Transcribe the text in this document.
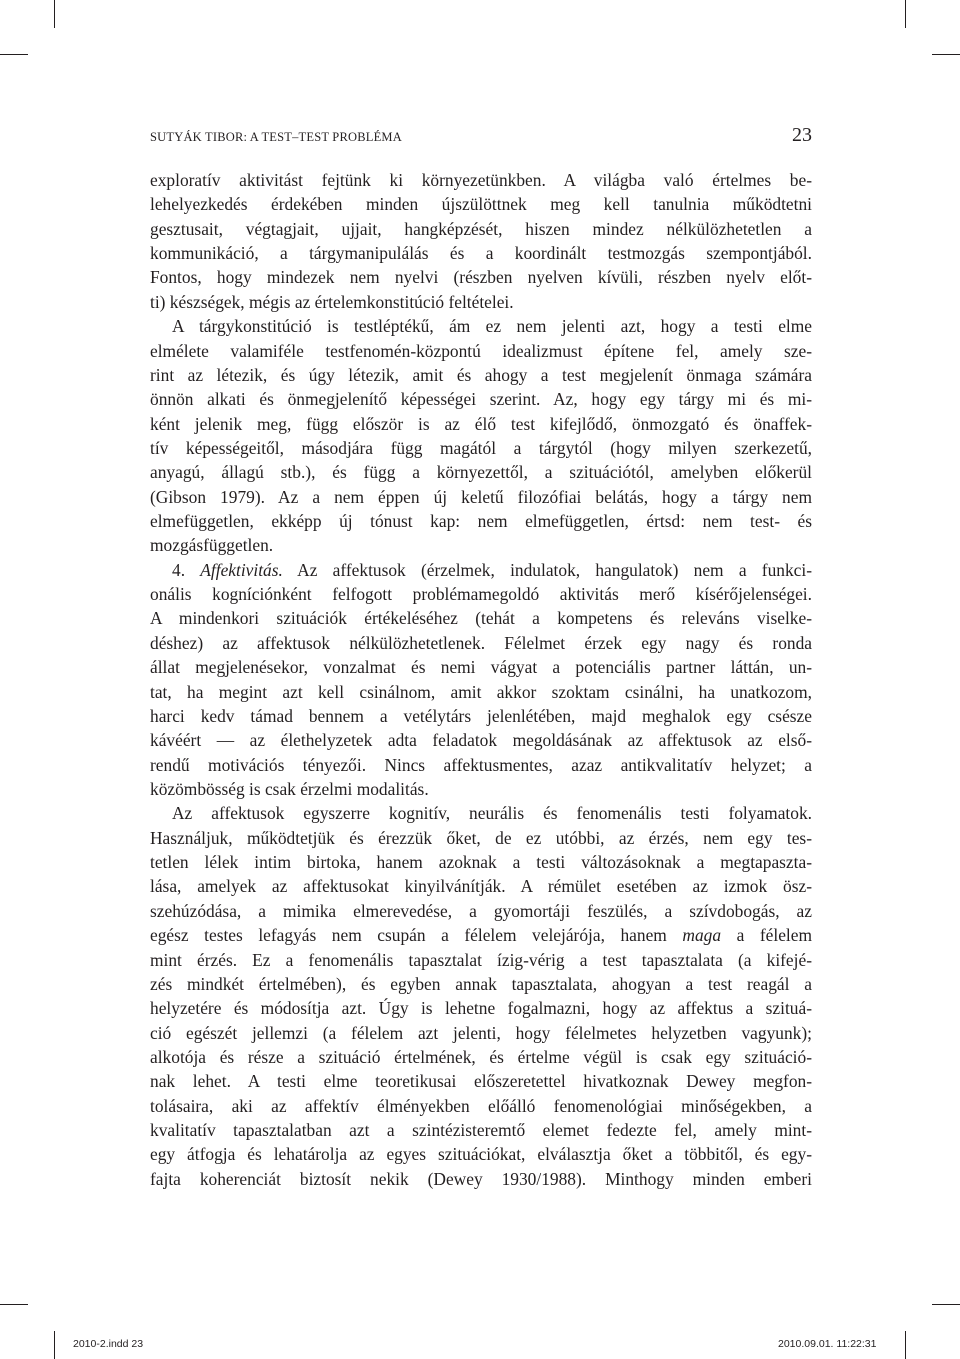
SUTYÁK TIBOR: A TEST–TEST PROBLÉMA	23
exploratív aktivitást fejtünk ki környezetünkben. A világba való értelmes be-
lehelyezkedés érdekében minden újszülöttnek meg kell tanulnia működtetni
gesztusait, végtagjait, ujjait, hangképzését, hiszen mindez nélkülözhetetlen a
kommunikáció, a tárgymanipulálás és a koordinált testmozgás szempontjából.
Fontos, hogy mindezek nem nyelvi (részben nyelven kívüli, részben nyelv előt-
ti) készségek, mégis az értelemkonstitúció feltételei.
A tárgykonstitúció is testléptékű, ám ez nem jelenti azt, hogy a testi elme
elmélete valamiféle testfenomén-központú idealizmust építene fel, amely sze-
rint az létezik, és úgy létezik, amit és ahogy a test megjelenít önmaga számára
önnön alkati és önmegjelenítő képességei szerint. Az, hogy egy tárgy mi és mi-
ként jelenik meg, függ először is az élő test kifejlődő, önmozgató és önaffek-
tív képességeitől, másodjára függ magától a tárgytól (hogy milyen szerkezetű,
anyagú, állagú stb.), és függ a környezettől, a szituációtól, amelyben előkerül
(Gibson 1979). Az a nem éppen új keletű filozófiai belátás, hogy a tárgy nem
elmefüggetlen, ekképp új tónust kap: nem elmefüggetlen, értsd: nem test- és
mozgásfüggetlen.
4. Affektivitás. Az affektusok (érzelmek, indulatok, hangulatok) nem a funkci-
onális kogníciónként felfogott problémamegoldó aktivitás merő kísérőjelenségei.
A mindenkori szituációk értékeléséhez (tehát a kompetens és releváns viselke-
déshez) az affektusok nélkülözhetetlenek. Félelmet érzek egy nagy és ronda
állat megjelenésekor, vonzalmat és nemi vágyat a potenciális partner láttán, un-
tat, ha megint azt kell csinálnom, amit akkor szoktam csinálni, ha unatkozom,
harci kedv támad bennem a vetélytárs jelenlétében, majd meghalok egy csésze
kávéért — az élethelyzetek adta feladatok megoldásának az affektusok az első-
rendű motivációs tényezői. Nincs affektusmentes, azaz antikvalitatív helyzet; a
közömbösség is csak érzelmi modalitás.
Az affektusok egyszerre kognitív, neurális és fenomenális testi folyamatok.
Használjuk, működtetjük és érezzük őket, de ez utóbbi, az érzés, nem egy tes-
tetlen lélek intim birtoka, hanem azoknak a testi változásoknak a megtapaszta-
lása, amelyek az affektusokat kinyilvánítják. A rémület esetében az izmok ösz-
szehúzódása, a mimika elmerevedése, a gyomortáji feszülés, a szívdobogás, az
egész testes lefagyás nem csupán a félelem velejárója, hanem maga a félelem
mint érzés. Ez a fenomenális tapasztalat ízig-vérig a test tapasztalata (a kifejé-
zés mindkét értelmében), és egyben annak tapasztalata, ahogyan a test reagál a
helyzetére és módosítja azt. Úgy is lehetne fogalmazni, hogy az affektus a szituá-
ció egészét jellemzi (a félelem azt jelenti, hogy félelmetes helyzetben vagyunk);
alkotója és része a szituáció értelmének, és értelme végül is csak egy szituáció-
nak lehet. A testi elme teoretikusai előszeretettel hivatkoznak Dewey megfon-
tolásaira, aki az affektív élményekben előálló fenomenológiai minőségekben, a
kvalitatív tapasztalatban azt a szintézisteremtő elemet fedezte fel, amely mint-
egy átfogja és lehatárolja az egyes szituációkat, elválasztja őket a többitől, és egy-
fajta koherenciát biztosít nekik (Dewey 1930/1988). Minthogy minden emberi
2010-2.indd 23	2010.09.01. 11:22:31
